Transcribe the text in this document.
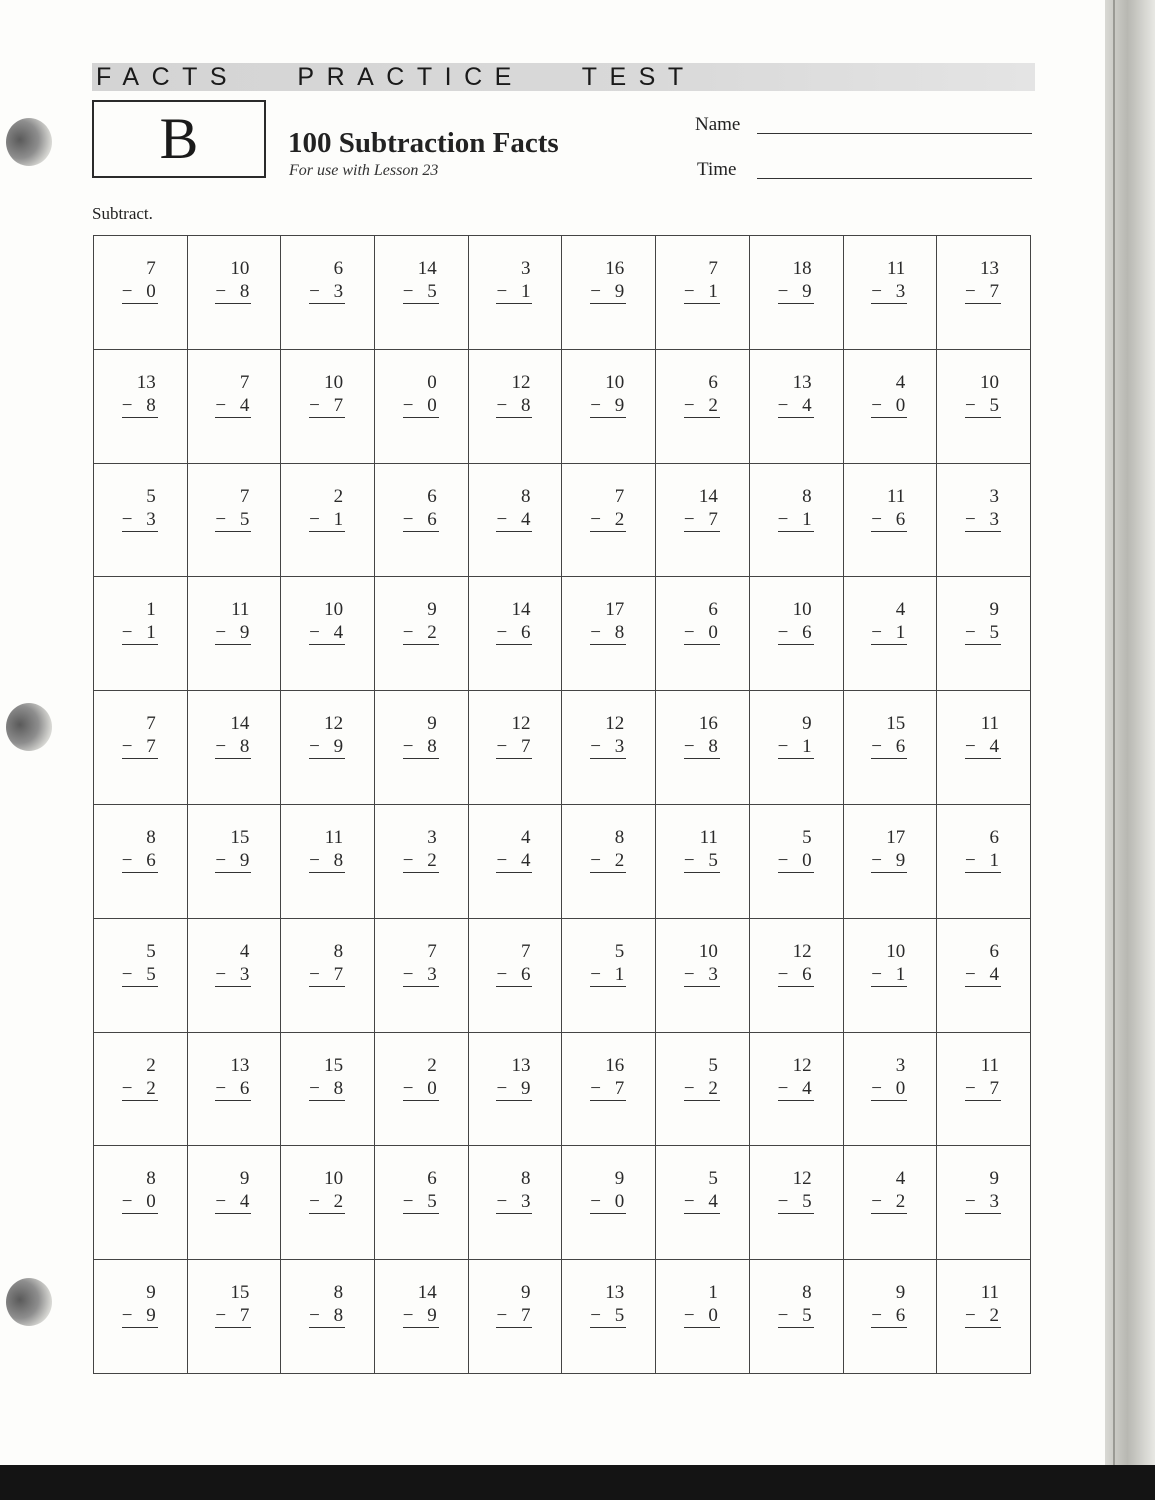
FACTS   PRACTICE   TEST
B	100 Subtraction Facts
For use with Lesson 23
Name
Time
Subtract.
7
− 0
10
− 8
6
− 3
14
− 5
3
− 1
16
− 9
7
− 1
18
− 9
11
− 3
13
− 7
13
− 8
7
− 4
10
− 7
0
− 0
12
− 8
10
− 9
6
− 2
13
− 4
4
− 0
10
− 5
5
− 3
7
− 5
2
− 1
6
− 6
8
− 4
7
− 2
14
− 7
8
− 1
11
− 6
3
− 3
1
− 1
11
− 9
10
− 4
9
− 2
14
− 6
17
− 8
6
− 0
10
− 6
4
− 1
9
− 5
7
− 7
14
− 8
12
− 9
9
− 8
12
− 7
12
− 3
16
− 8
9
− 1
15
− 6
11
− 4
8
− 6
15
− 9
11
− 8
3
− 2
4
− 4
8
− 2
11
− 5
5
− 0
17
− 9
6
− 1
5
− 5
4
− 3
8
− 7
7
− 3
7
− 6
5
− 1
10
− 3
12
− 6
10
− 1
6
− 4
2
− 2
13
− 6
15
− 8
2
− 0
13
− 9
16
− 7
5
− 2
12
− 4
3
− 0
11
− 7
8
− 0
9
− 4
10
− 2
6
− 5
8
− 3
9
− 0
5
− 4
12
− 5
4
− 2
9
− 3
9
− 9
15
− 7
8
− 8
14
− 9
9
− 7
13
− 5
1
− 0
8
− 5
9
− 6
11
− 2
